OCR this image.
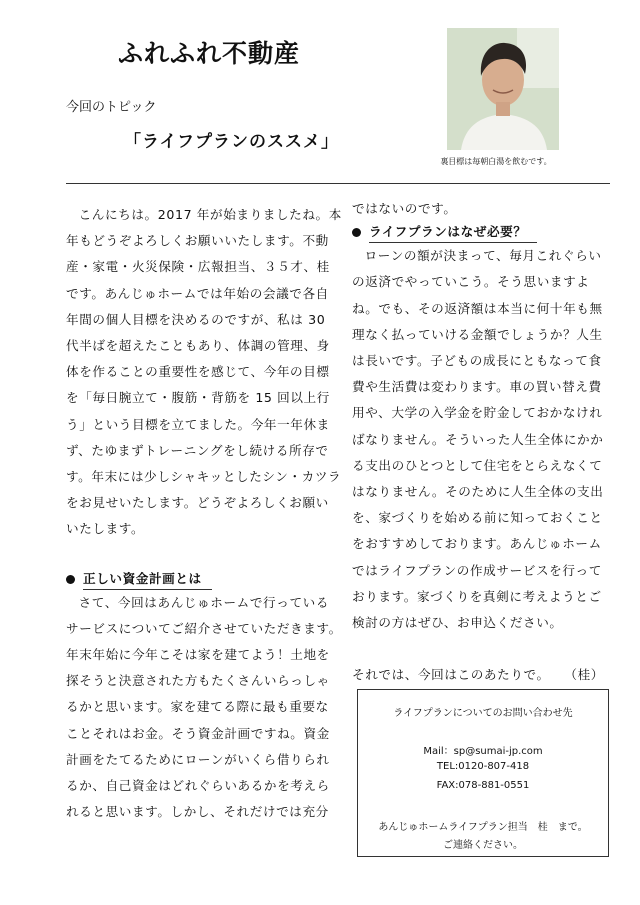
ふれふれ不動産
今回のトピック
「ライフプランのススメ」
裏目標は毎朝白湯を飲むです。

こんにちは。2017 年が始まりましたね。本年もどうぞよろしくお願いいたします。不動産・家電・火災保険・広報担当、３５才、桂です。あんじゅホームでは年始の会議で各自年間の個人目標を決めるのですが、私は 30 代半ばを超えたこともあり、体調の管理、身体を作ることの重要性を感じて、今年の目標を「毎日腕立て・腹筋・背筋を 15 回以上行う」という目標を立てました。今年一年休まず、たゆまずトレーニングをし続ける所存です。年末には少しシャキッとしたシン・カツラをお見せいたします。どうぞよろしくお願いいたします。

正しい資金計画とは

さて、今回はあんじゅホームで行っているサービスについてご紹介させていただきます。年末年始に今年こそは家を建てよう！土地を探そうと決意された方もたくさんいらっしゃるかと思います。家を建てる際に最も重要なことそれはお金。そう資金計画ですね。資金計画をたてるためにローンがいくら借りられるか、自己資金はどれぐらいあるかを考えられると思います。しかし、それだけでは充分

ではないのです。

ライフプランはなぜ必要？

ローンの額が決まって、毎月これぐらいの返済でやっていこう。そう思いますよね。でも、その返済額は本当に何十年も無理なく払っていける金額でしょうか？人生は長いです。子どもの成長にともなって食費や生活費は変わります。車の買い替え費用や、大学の入学金を貯金しておかなければなりません。そういった人生全体にかかる支出のひとつとして住宅をとらえなくてはなりません。そのために人生全体の支出を、家づくりを始める前に知っておくことをおすすめしております。あんじゅホームではライフプランの作成サービスを行っております。家づくりを真剣に考えようとご検討の方はぜひ、お申込ください。

それでは、今回はこのあたりで。 （桂）
ライフプランについてのお問い合わせ先
Mail：sp@sumai-jp.com
TEL:0120-807-418
FAX:078-881-0551
あんじゅホームライフプラン担当　桂　まで。
ご連絡ください。
